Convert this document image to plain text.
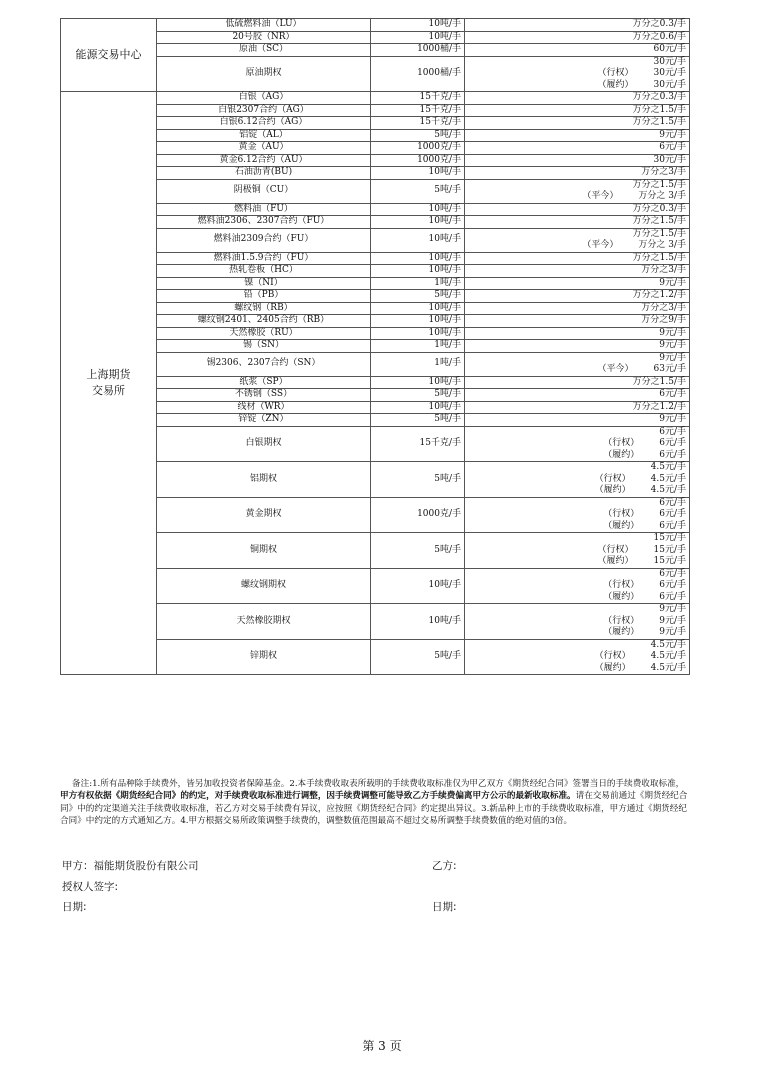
能源交易中心	低硫燃料油（LU）	10吨/手	万分之0.3/手

	20号胶（NR）	10吨/手	万分之0.6/手

	原油（SC）	1000桶/手	60元/手

	原油期权	1000桶/手	30元/手
（行权） 30元/手
（履约） 30元/手

上海期货
交易所	白银（AG）	15千克/手	万分之0.3/手

	白银2307合约（AG）	15千克/手	万分之1.5/手

	白银6.12合约（AG）	15千克/手	万分之1.5/手

	铝锭（AL）	5吨/手	9元/手

	黄金（AU）	1000克/手	6元/手

	黄金6.12合约（AU）	1000克/手	30元/手

	石油沥青(BU)	10吨/手	万分之3/手

	阴极铜（CU）	5吨/手	万分之1.5/手
（平今） 万分之 3/手

	燃料油（FU）	10吨/手	万分之0.3/手

	燃料油2306、2307合约（FU）	10吨/手	万分之1.5/手

	燃料油2309合约（FU）	10吨/手	万分之1.5/手
（平今） 万分之 3/手

	燃料油1.5.9合约（FU）	10吨/手	万分之1.5/手

	热轧卷板（HC）	10吨/手	万分之3/手

	镍（NI）	1吨/手	9元/手

	铅（PB）	5吨/手	万分之1.2/手

	螺纹钢（RB）	10吨/手	万分之3/手

	螺纹钢2401、2405合约（RB）	10吨/手	万分之9/手

	天然橡胶（RU）	10吨/手	9元/手

	锡（SN）	1吨/手	9元/手

	锡2306、2307合约（SN）	1吨/手	9元/手
（平今） 63元/手

	纸浆（SP）	10吨/手	万分之1.5/手

	不锈钢（SS）	5吨/手	6元/手

	线材（WR）	10吨/手	万分之1.2/手

	锌锭（ZN）	5吨/手	9元/手

	白银期权	15千克/手	6元/手
（行权） 6元/手
（履约） 6元/手

	铝期权	5吨/手	4.5元/手
（行权） 4.5元/手
（履约） 4.5元/手

	黄金期权	1000克/手	6元/手
（行权） 6元/手
（履约） 6元/手

	铜期权	5吨/手	15元/手
（行权） 15元/手
（履约） 15元/手

	螺纹钢期权	10吨/手	6元/手
（行权） 6元/手
（履约） 6元/手

	天然橡胶期权	10吨/手	9元/手
（行权） 9元/手
（履约） 9元/手

	锌期权	5吨/手	4.5元/手
（行权） 4.5元/手
（履约） 4.5元/手
备注:1.所有品种除手续费外，皆另加收投资者保障基金。2.本手续费收取表所载明的手续费收取标准仅为甲乙双方《期货经纪合同》签署当日的手续费收取标准，甲方有权依据《期货经纪合同》的约定，对手续费收取标准进行调整，因手续费调整可能导致乙方手续费偏离甲方公示的最新收取标准。请在交易前通过《期货经纪合同》中的约定渠道关注手续费收取标准，若乙方对交易手续费有异议，应按照《期货经纪合同》约定提出异议。3.新品种上市的手续费收取标准，甲方通过《期货经纪合同》中约定的方式通知乙方。4.甲方根据交易所政策调整手续费的，调整数值范围最高不超过交易所调整手续费数值的绝对值的3倍。
甲方：福能期货股份有限公司
授权人签字:
日期:
乙方:
日期:
第 3 页
